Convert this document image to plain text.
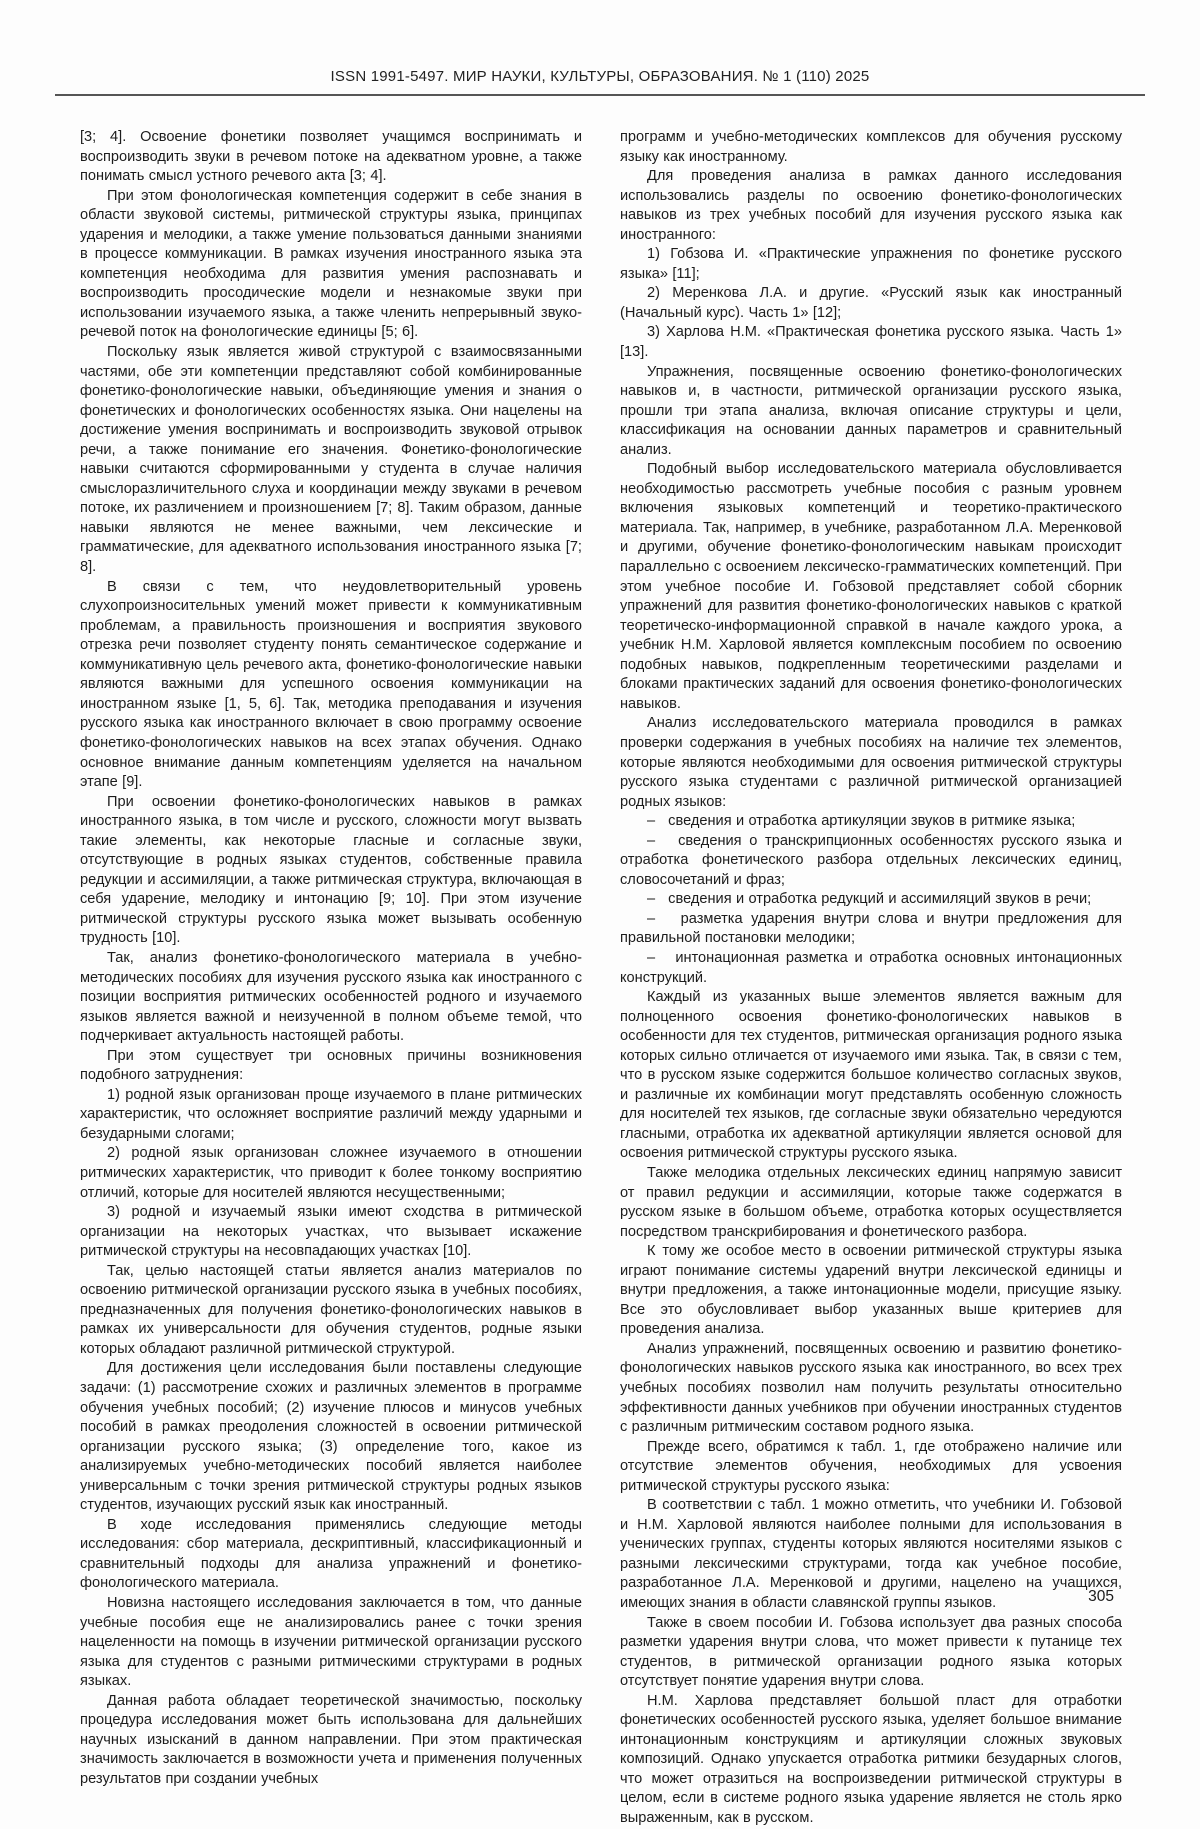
ISSN 1991-5497. МИР НАУКИ, КУЛЬТУРЫ, ОБРАЗОВАНИЯ. № 1 (110) 2025

[3; 4]. Освоение фонетики позволяет учащимся воспринимать и воспроизводить звуки в речевом потоке на адекватном уровне, а также понимать смысл устного речевого акта [3; 4].

При этом фонологическая компетенция содержит в себе знания в области звуковой системы, ритмической структуры языка, принципах ударения и мелодики, а также умение пользоваться данными знаниями в процессе коммуникации. В рамках изучения иностранного языка эта компетенция необходима для развития умения распознавать и воспроизводить просодические модели и незнакомые звуки при использовании изучаемого языка, а также членить непрерывный звуко-речевой поток на фонологические единицы [5; 6].

Поскольку язык является живой структурой с взаимосвязанными частями, обе эти компетенции представляют собой комбинированные фонетико-фонологические навыки, объединяющие умения и знания о фонетических и фонологических особенностях языка. Они нацелены на достижение умения воспринимать и воспроизводить звуковой отрывок речи, а также понимание его значения. Фонетико-фонологические навыки считаются сформированными у студента в случае наличия смыслоразличительного слуха и координации между звуками в речевом потоке, их различением и произношением [7; 8]. Таким образом, данные навыки являются не менее важными, чем лексические и грамматические, для адекватного использования иностранного языка [7; 8].

В связи с тем, что неудовлетворительный уровень слухопроизносительных умений может привести к коммуникативным проблемам, а правильность произношения и восприятия звукового отрезка речи позволяет студенту понять семантическое содержание и коммуникативную цель речевого акта, фонетико-фонологические навыки являются важными для успешного освоения коммуникации на иностранном языке [1, 5, 6]. Так, методика преподавания и изучения русского языка как иностранного включает в свою программу освоение фонетико-фонологических навыков на всех этапах обучения. Однако основное внимание данным компетенциям уделяется на начальном этапе [9].

При освоении фонетико-фонологических навыков в рамках иностранного языка, в том числе и русского, сложности могут вызвать такие элементы, как некоторые гласные и согласные звуки, отсутствующие в родных языках студентов, собственные правила редукции и ассимиляции, а также ритмическая структура, включающая в себя ударение, мелодику и интонацию [9; 10]. При этом изучение ритмической структуры русского языка может вызывать особенную трудность [10].

Так, анализ фонетико-фонологического материала в учебно-методических пособиях для изучения русского языка как иностранного с позиции восприятия ритмических особенностей родного и изучаемого языков является важной и неизученной в полном объеме темой, что подчеркивает актуальность настоящей работы.

При этом существует три основных причины возникновения подобного затруднения:

1) родной язык организован проще изучаемого в плане ритмических характеристик, что осложняет восприятие различий между ударными и безударными слогами;

2) родной язык организован сложнее изучаемого в отношении ритмических характеристик, что приводит к более тонкому восприятию отличий, которые для носителей являются несущественными;

3) родной и изучаемый языки имеют сходства в ритмической организации на некоторых участках, что вызывает искажение ритмической структуры на несовпадающих участках [10].

Так, целью настоящей статьи является анализ материалов по освоению ритмической организации русского языка в учебных пособиях, предназначенных для получения фонетико-фонологических навыков в рамках их универсальности для обучения студентов, родные языки которых обладают различной ритмической структурой.

Для достижения цели исследования были поставлены следующие задачи: (1) рассмотрение схожих и различных элементов в программе обучения учебных пособий; (2) изучение плюсов и минусов учебных пособий в рамках преодоления сложностей в освоении ритмической организации русского языка; (3) определение того, какое из анализируемых учебно-методических пособий является наиболее универсальным с точки зрения ритмической структуры родных языков студентов, изучающих русский язык как иностранный.

В ходе исследования применялись следующие методы исследования: сбор материала, дескриптивный, классификационный и сравнительный подходы для анализа упражнений и фонетико-фонологического материала.

Новизна настоящего исследования заключается в том, что данные учебные пособия еще не анализировались ранее с точки зрения нацеленности на помощь в изучении ритмической организации русского языка для студентов с разными ритмическими структурами в родных языках.

Данная работа обладает теоретической значимостью, поскольку процедура исследования может быть использована для дальнейших научных изысканий в данном направлении. При этом практическая значимость заключается в возможности учета и применения полученных результатов при создании учебных

программ и учебно-методических комплексов для обучения русскому языку как иностранному.

Для проведения анализа в рамках данного исследования использовались разделы по освоению фонетико-фонологических навыков из трех учебных пособий для изучения русского языка как иностранного:

1) Гобзова И. «Практические упражнения по фонетике русского языка» [11];

2) Меренкова Л.А. и другие. «Русский язык как иностранный (Начальный курс). Часть 1» [12];

3) Харлова Н.М. «Практическая фонетика русского языка. Часть 1» [13].

Упражнения, посвященные освоению фонетико-фонологических навыков и, в частности, ритмической организации русского языка, прошли три этапа анализа, включая описание структуры и цели, классификация на основании данных параметров и сравнительный анализ.

Подобный выбор исследовательского материала обусловливается необходимостью рассмотреть учебные пособия с разным уровнем включения языковых компетенций и теоретико-практического материала. Так, например, в учебнике, разработанном Л.А. Меренковой и другими, обучение фонетико-фонологическим навыкам происходит параллельно с освоением лексическо-грамматических компетенций. При этом учебное пособие И. Гобзовой представляет собой сборник упражнений для развития фонетико-фонологических навыков с краткой теоретическо-информационной справкой в начале каждого урока, а учебник Н.М. Харловой является комплексным пособием по освоению подобных навыков, подкрепленным теоретическими разделами и блоками практических заданий для освоения фонетико-фонологических навыков.

Анализ исследовательского материала проводился в рамках проверки содержания в учебных пособиях на наличие тех элементов, которые являются необходимыми для освоения ритмической структуры русского языка студентами с различной ритмической организацией родных языков:

–   сведения и отработка артикуляции звуков в ритмике языка;

–   сведения о транскрипционных особенностях русского языка и отработка фонетического разбора отдельных лексических единиц, словосочетаний и фраз;

–   сведения и отработка редукций и ассимиляций звуков в речи;

–   разметка ударения внутри слова и внутри предложения для правильной постановки мелодики;

–   интонационная разметка и отработка основных интонационных конструкций.

Каждый из указанных выше элементов является важным для полноценного освоения фонетико-фонологических навыков в особенности для тех студентов, ритмическая организация родного языка которых сильно отличается от изучаемого ими языка. Так, в связи с тем, что в русском языке содержится большое количество согласных звуков, и различные их комбинации могут представлять особенную сложность для носителей тех языков, где согласные звуки обязательно чередуются гласными, отработка их адекватной артикуляции является основой для освоения ритмической структуры русского языка.

Также мелодика отдельных лексических единиц напрямую зависит от правил редукции и ассимиляции, которые также содержатся в русском языке в большом объеме, отработка которых осуществляется посредством транскрибирования и фонетического разбора.

К тому же особое место в освоении ритмической структуры языка играют понимание системы ударений внутри лексической единицы и внутри предложения, а также интонационные модели, присущие языку. Все это обусловливает выбор указанных выше критериев для проведения анализа.

Анализ упражнений, посвященных освоению и развитию фонетико-фонологических навыков русского языка как иностранного, во всех трех учебных пособиях позволил нам получить результаты относительно эффективности данных учебников при обучении иностранных студентов с различным ритмическим составом родного языка.

Прежде всего, обратимся к табл. 1, где отображено наличие или отсутствие элементов обучения, необходимых для усвоения ритмической структуры русского языка:

В соответствии с табл. 1 можно отметить, что учебники И. Гобзовой и Н.М. Харловой являются наиболее полными для использования в ученических группах, студенты которых являются носителями языков с разными лексическими структурами, тогда как учебное пособие, разработанное Л.А. Меренковой и другими, нацелено на учащихся, имеющих знания в области славянской группы языков.

Также в своем пособии И. Гобзова использует два разных способа разметки ударения внутри слова, что может привести к путанице тех студентов, в ритмической организации родного языка которых отсутствует понятие ударения внутри слова.

Н.М. Харлова представляет большой пласт для отработки фонетических особенностей русского языка, уделяет большое внимание интонационным конструкциям и артикуляции сложных звуковых композиций. Однако упускается отработка ритмики безударных слогов, что может отразиться на воспроизведении ритмической структуры в целом, если в системе родного языка ударение является не столь ярко выраженным, как в русском.

305
